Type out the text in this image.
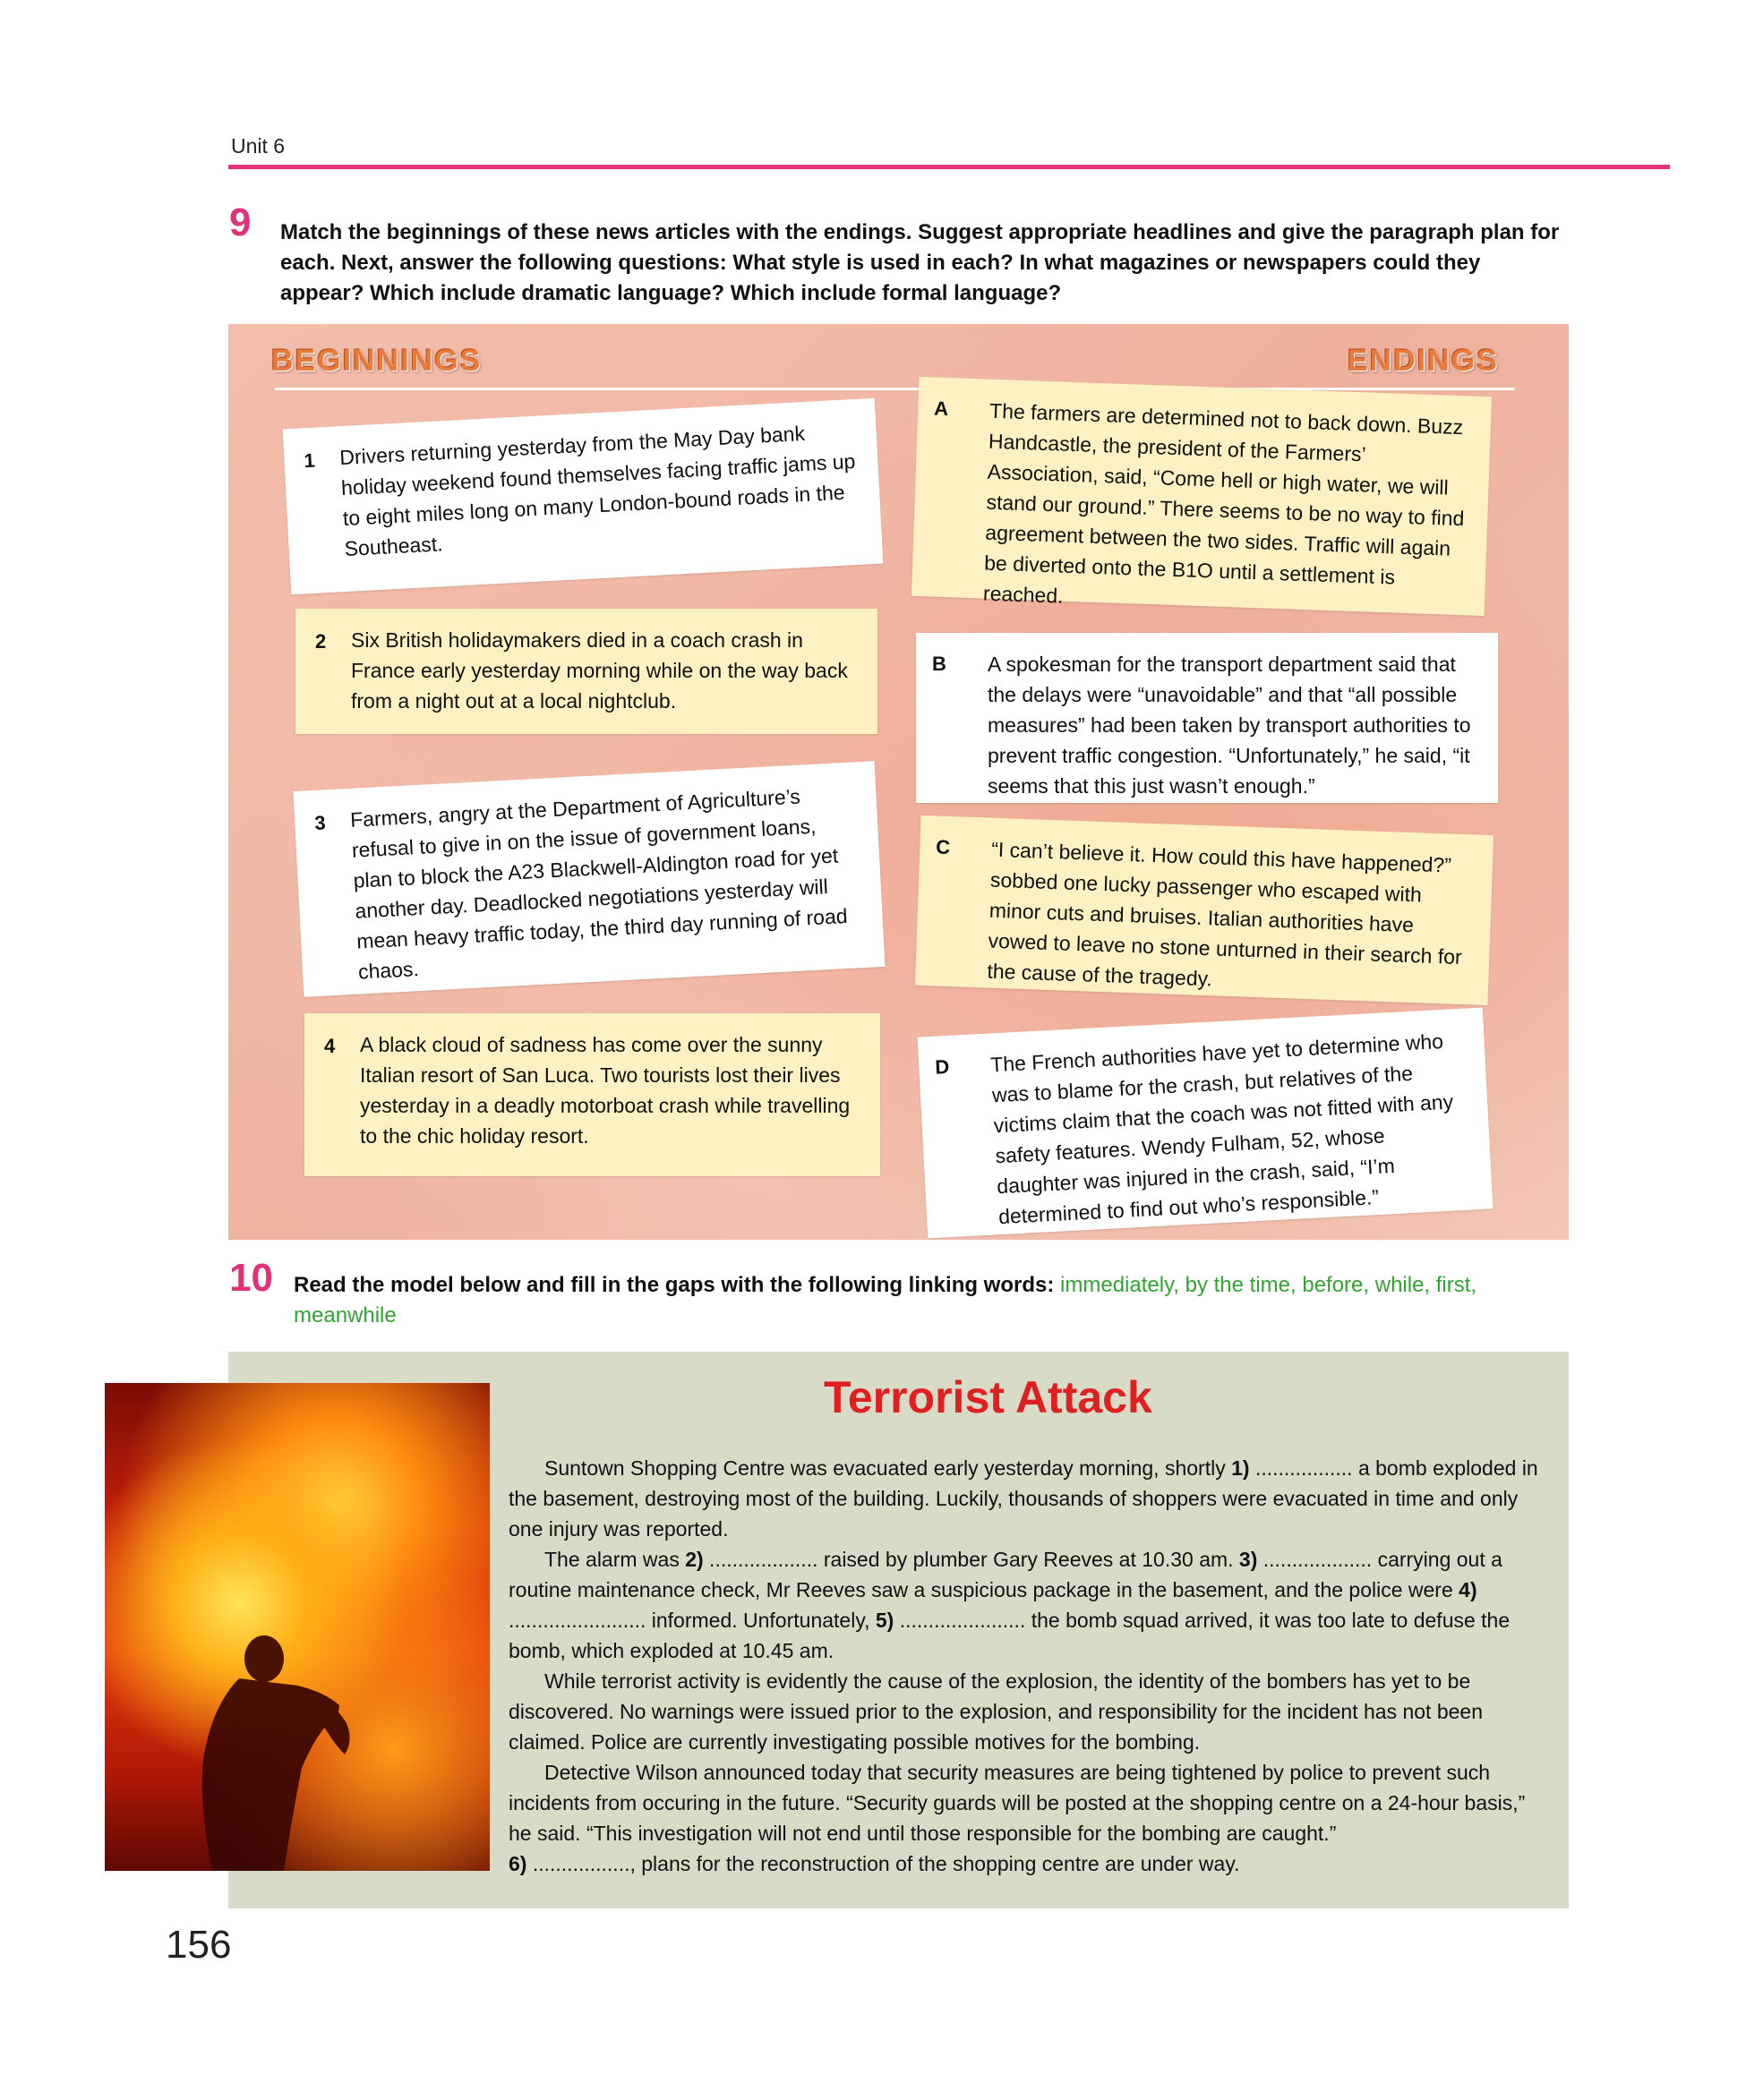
Unit 6
9 Match the beginnings of these news articles with the endings. Suggest appropriate headlines and give the paragraph plan for each. Next, answer the following questions: What style is used in each? In what magazines or newspapers could they appear? Which include dramatic language? Which include formal language?
BEGINNINGS	ENDINGS
1 Drivers returning yesterday from the May Day bank holiday weekend found themselves facing traffic jams up to eight miles long on many London-bound roads in the Southeast.
2 Six British holidaymakers died in a coach crash in France early yesterday morning while on the way back from a night out at a local nightclub.
3 Farmers, angry at the Department of Agriculture’s refusal to give in on the issue of government loans, plan to block the A23 Blackwell-Aldington road for yet another day. Deadlocked negotiations yesterday will mean heavy traffic today, the third day running of road chaos.
4 A black cloud of sadness has come over the sunny Italian resort of San Luca. Two tourists lost their lives yesterday in a deadly motorboat crash while travelling to the chic holiday resort.
A The farmers are determined not to back down. Buzz Handcastle, the president of the Farmers’ Association, said, “Come hell or high water, we will stand our ground.” There seems to be no way to find agreement between the two sides. Traffic will again be diverted onto the B1O until a settlement is reached.
B A spokesman for the transport department said that the delays were “unavoidable” and that “all possible measures” had been taken by transport authorities to prevent traffic congestion. “Unfortunately,” he said, “it seems that this just wasn’t enough.”
C “I can’t believe it. How could this have happened?” sobbed one lucky passenger who escaped with minor cuts and bruises. Italian authorities have vowed to leave no stone unturned in their search for the cause of the tragedy.
D The French authorities have yet to determine who was to blame for the crash, but relatives of the victims claim that the coach was not fitted with any safety features. Wendy Fulham, 52, whose daughter was injured in the crash, said, “I’m determined to find out who’s responsible.”
10 Read the model below and fill in the gaps with the following linking words: immediately, by the time, before, while, first, meanwhile
Terrorist Attack

Suntown Shopping Centre was evacuated early yesterday morning, shortly 1) ................. a bomb exploded in the basement, destroying most of the building. Luckily, thousands of shoppers were evacuated in time and only one injury was reported.

The alarm was 2) ................... raised by plumber Gary Reeves at 10.30 am. 3) ................... carrying out a routine maintenance check, Mr Reeves saw a suspicious package in the basement, and the police were 4) ........................ informed. Unfortunately, 5) ...................... the bomb squad arrived, it was too late to defuse the bomb, which exploded at 10.45 am.

While terrorist activity is evidently the cause of the explosion, the identity of the bombers has yet to be discovered. No warnings were issued prior to the explosion, and responsibility for the incident has not been claimed. Police are currently investigating possible motives for the bombing.

Detective Wilson announced today that security measures are being tightened by police to prevent such incidents from occuring in the future. “Security guards will be posted at the shopping centre on a 24-hour basis,” he said. “This investigation will not end until those responsible for the bombing are caught.”

6) ................., plans for the reconstruction of the shopping centre are under way.

156
